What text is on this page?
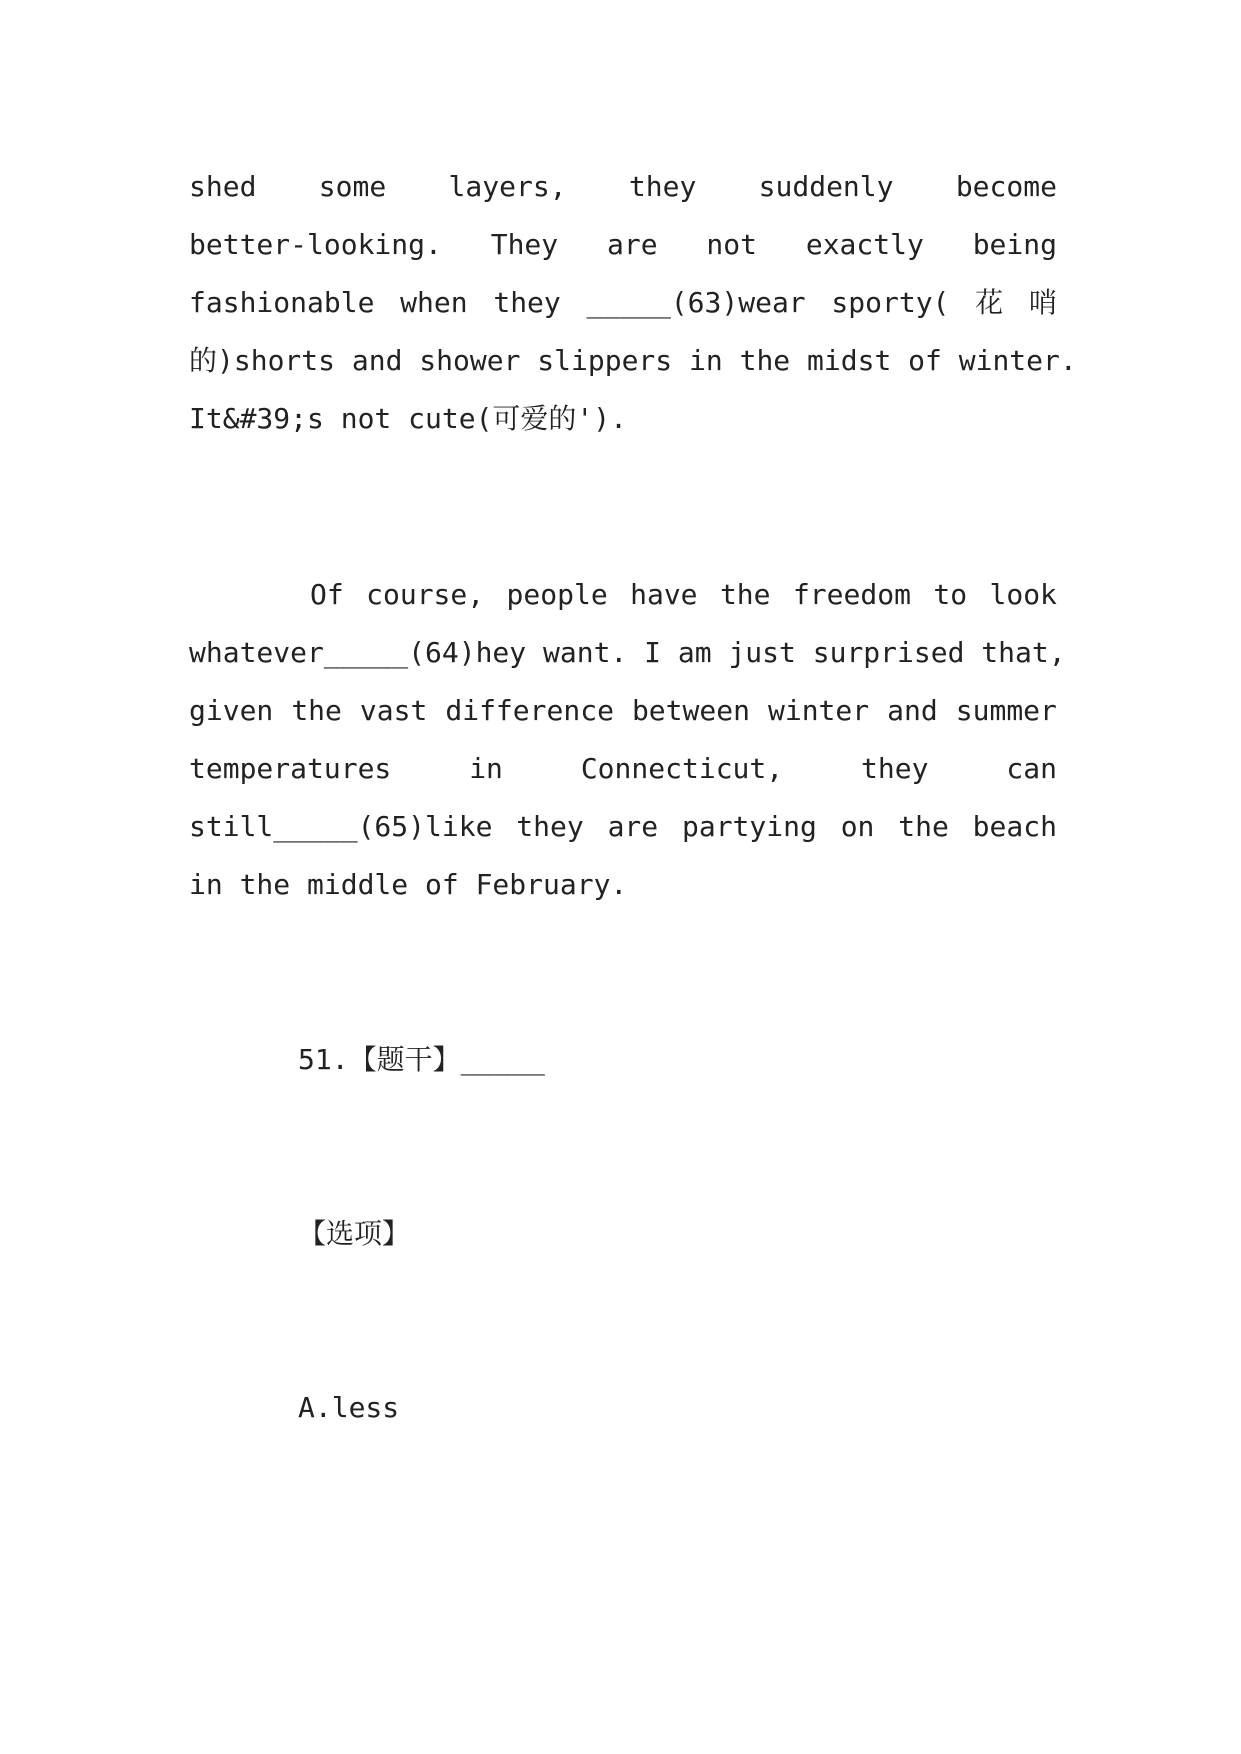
shed some layers, they suddenly become
better-looking. They are not exactly being
fashionable when they _____(63)wear sporty( 花 哨
的)shorts and shower slippers in the midst of winter.
It&#39;s not cute(可爱的').
Of course, people have the freedom to look
whatever_____(64)hey want. I am just surprised that,
given the vast difference between winter and summer
temperatures	in	Connecticut,	they	can
still_____(65)like they are partying on the beach
in the middle of February.
51.【题干】_____
【选项】
A.less
